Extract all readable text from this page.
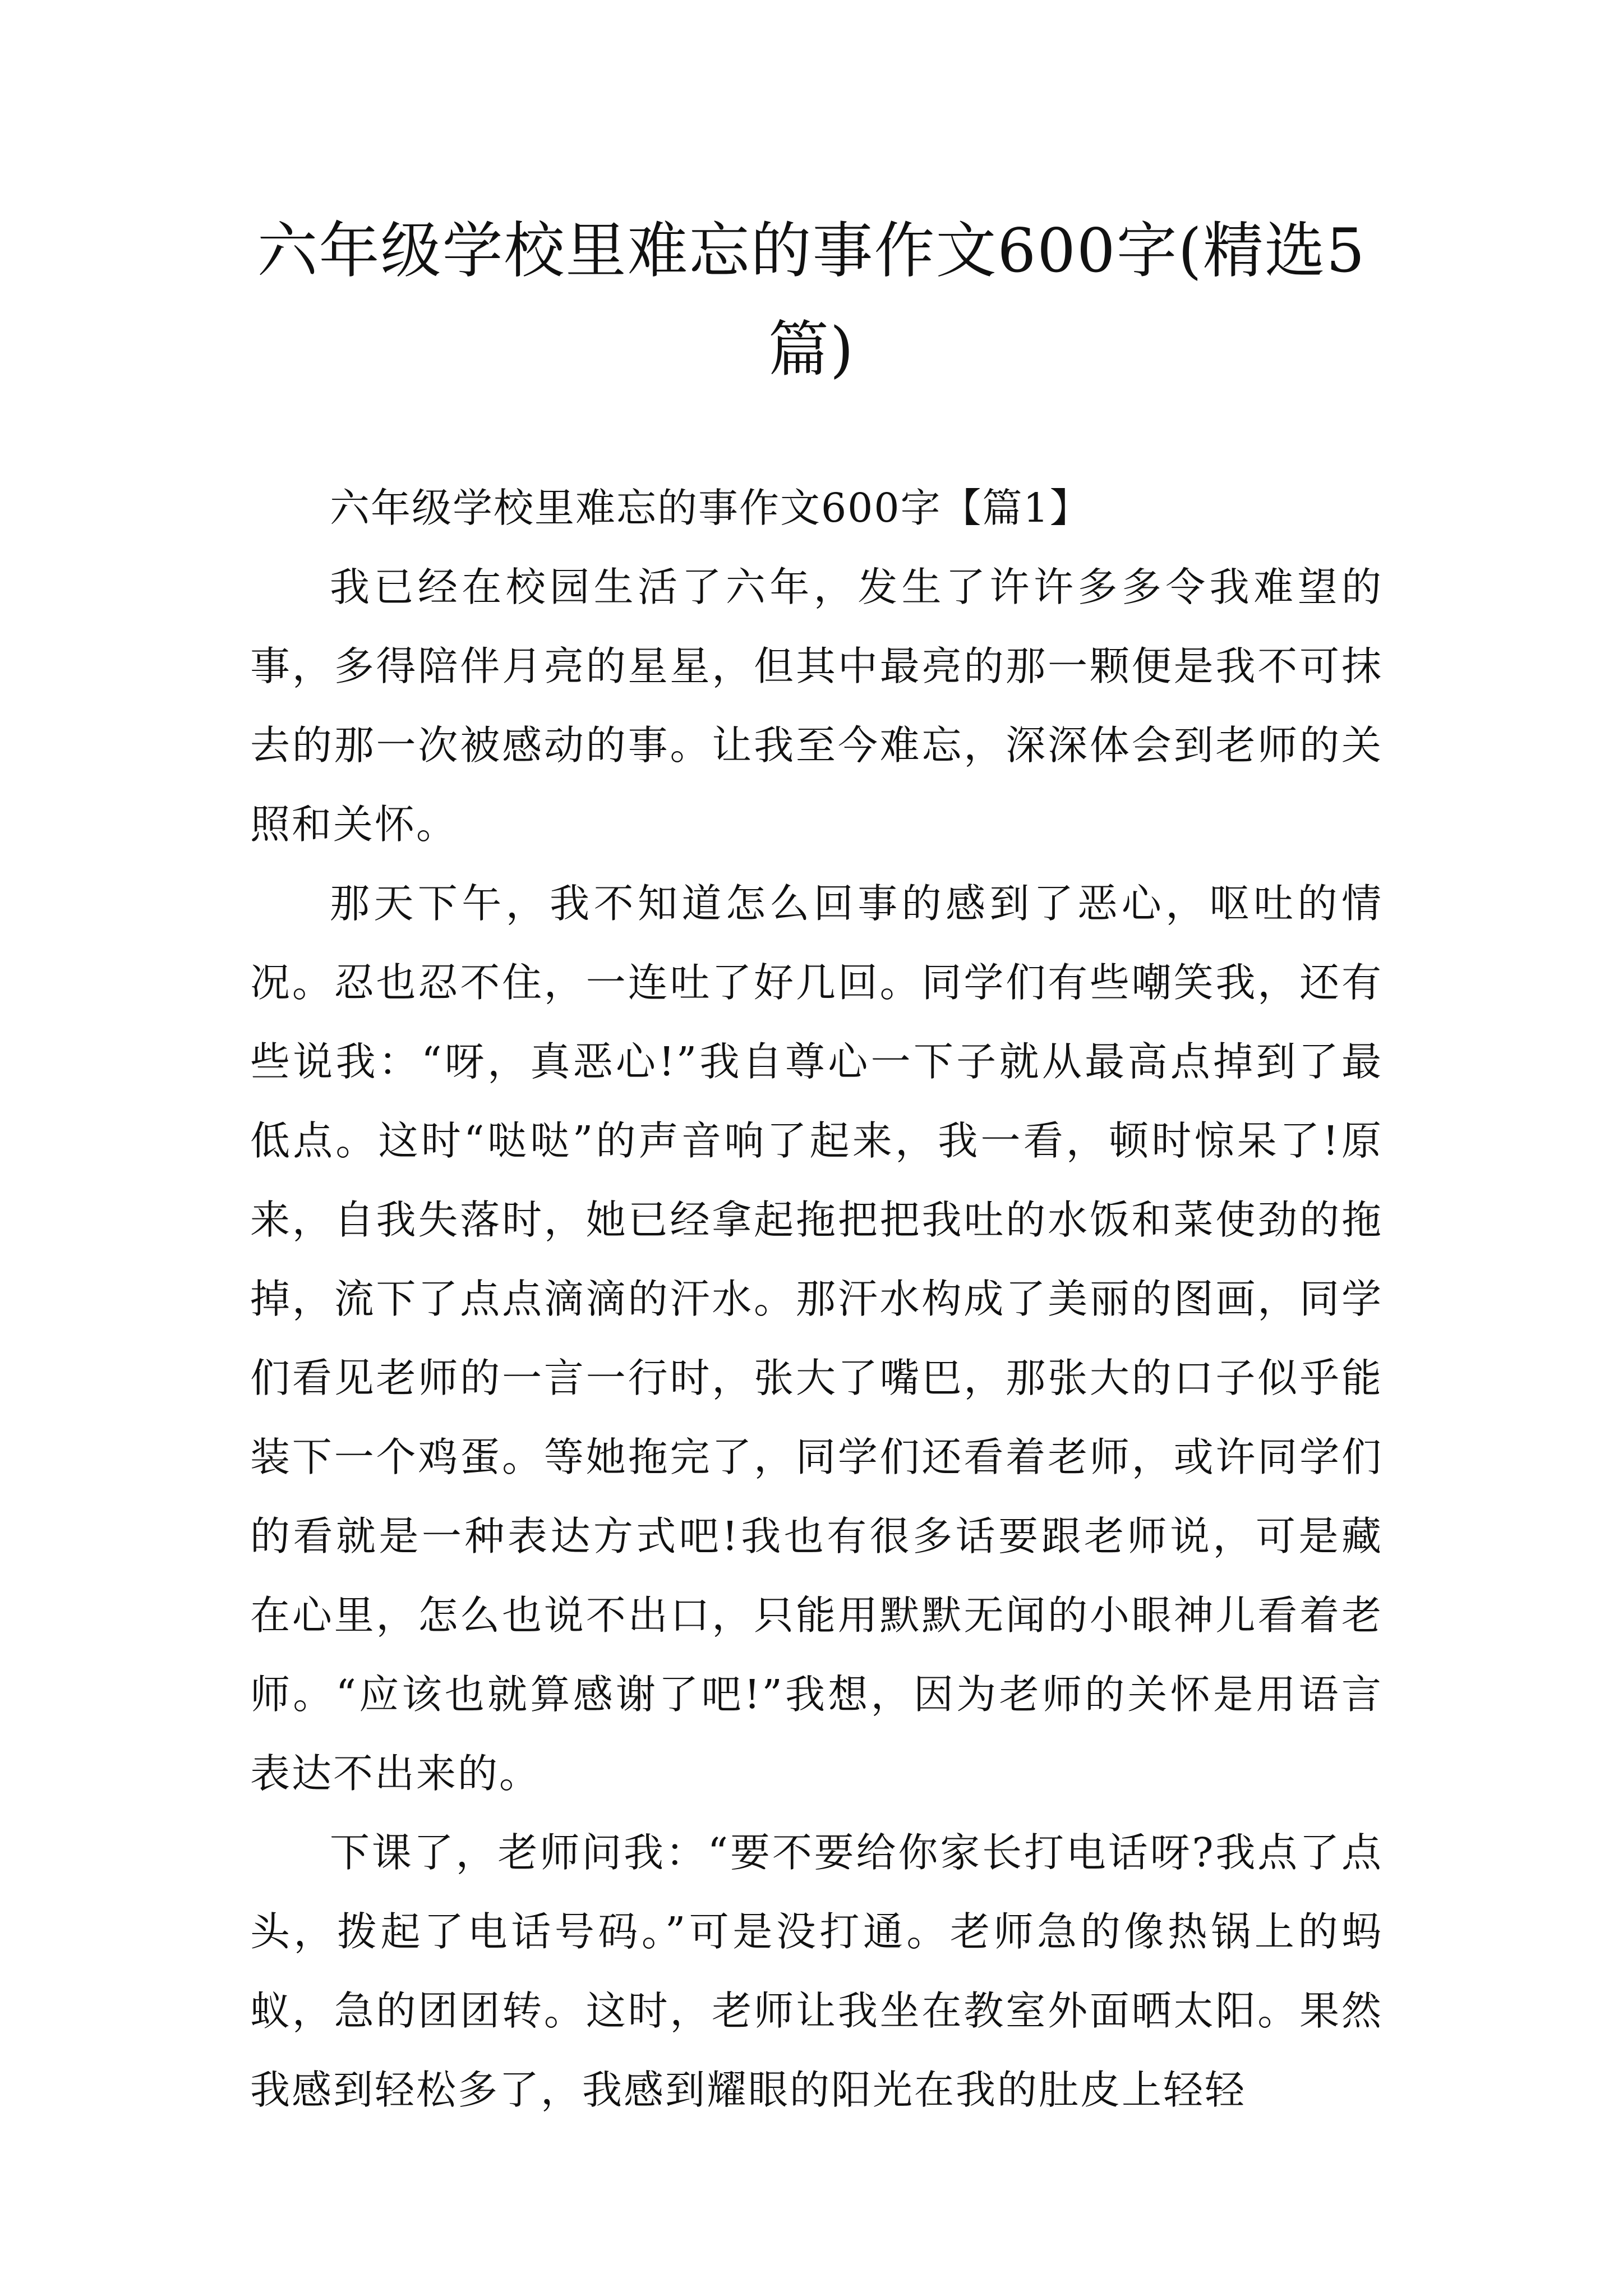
六年级学校里难忘的事作文600字(精选5篇)

六年级学校里难忘的事作文600字【篇1】

我已经在校园生活了六年，发生了许许多多令我难望的事，多得陪伴月亮的星星，但其中最亮的那一颗便是我不可抹去的那一次被感动的事。让我至今难忘，深深体会到老师的关照和关怀。

那天下午，我不知道怎么回事的感到了恶心，呕吐的情况。忍也忍不住，一连吐了好几回。同学们有些嘲笑我，还有些说我：“呀，真恶心!”我自尊心一下子就从最高点掉到了最低点。这时“哒哒”的声音响了起来，我一看，顿时惊呆了!原来，自我失落时，她已经拿起拖把把我吐的水饭和菜使劲的拖掉，流下了点点滴滴的汗水。那汗水构成了美丽的图画，同学们看见老师的一言一行时，张大了嘴巴，那张大的口子似乎能装下一个鸡蛋。等她拖完了，同学们还看着老师，或许同学们的看就是一种表达方式吧!我也有很多话要跟老师说，可是藏在心里，怎么也说不出口，只能用默默无闻的小眼神儿看着老师。“应该也就算感谢了吧!”我想，因为老师的关怀是用语言表达不出来的。

下课了，老师问我：“要不要给你家长打电话呀?我点了点头，拨起了电话号码。”可是没打通。老师急的像热锅上的蚂蚁，急的团团转。这时，老师让我坐在教室外面晒太阳。果然我感到轻松多了，我感到耀眼的阳光在我的肚皮上轻轻
